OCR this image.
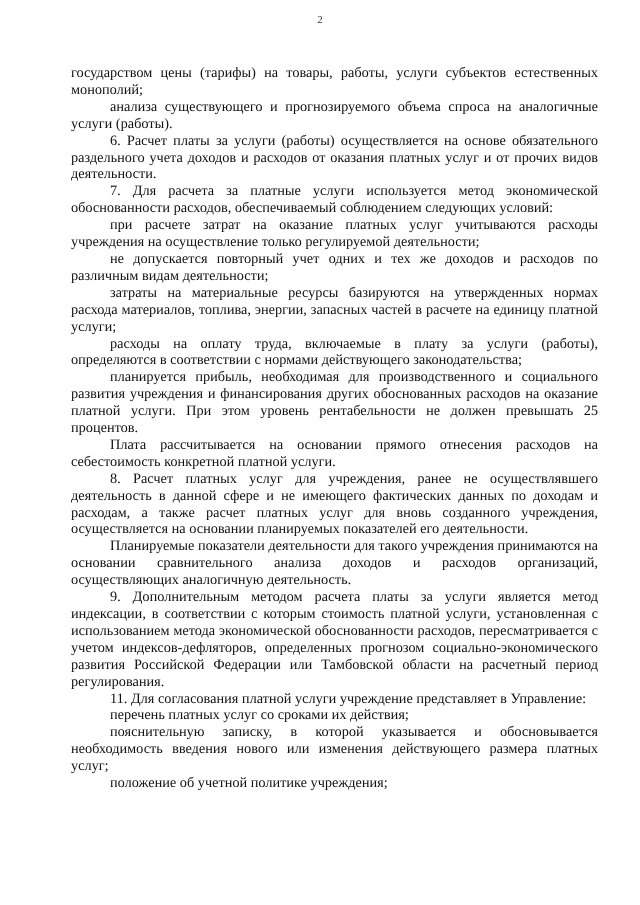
2

государством цены (тарифы) на товары, работы, услуги субъектов естественных монополий;

анализа существующего и прогнозируемого объема спроса на аналогичные услуги (работы).

6. Расчет платы за услуги (работы) осуществляется на основе обязательного раздельного учета доходов и расходов от оказания платных услуг и от прочих видов деятельности.

7. Для расчета за платные услуги используется метод экономической обоснованности расходов, обеспечиваемый соблюдением следующих условий:

при расчете затрат на оказание платных услуг учитываются расходы учреждения на осуществление только регулируемой деятельности;

не допускается повторный учет одних и тех же доходов и расходов по различным видам деятельности;

затраты на материальные ресурсы базируются на утвержденных нормах расхода материалов, топлива, энергии, запасных частей в расчете на единицу платной услуги;

расходы на оплату труда, включаемые в плату за услуги (работы), определяются в соответствии с нормами действующего законодательства;

планируется прибыль, необходимая для производственного и социального развития учреждения и финансирования других обоснованных расходов на оказание платной услуги. При этом уровень рентабельности не должен превышать 25 процентов.

Плата рассчитывается на основании прямого отнесения расходов на себестоимость конкретной платной услуги.

8. Расчет платных услуг для учреждения, ранее не осуществлявшего деятельность в данной сфере и не имеющего фактических данных по доходам и расходам, а также расчет платных услуг для вновь созданного учреждения, осуществляется на основании планируемых показателей его деятельности.

Планируемые показатели деятельности для такого учреждения принимаются на основании сравнительного анализа доходов и расходов организаций, осуществляющих аналогичную деятельность.

9. Дополнительным методом расчета платы за услуги является метод индексации, в соответствии с которым стоимость платной услуги, установленная с использованием метода экономической обоснованности расходов, пересматривается с учетом индексов-дефляторов, определенных прогнозом социально-экономического развития Российской Федерации или Тамбовской области на расчетный период регулирования.

11. Для согласования платной услуги учреждение представляет в Управление:

перечень платных услуг со сроками их действия;

пояснительную записку, в которой указывается и обосновывается необходимость введения нового или изменения действующего размера платных услуг;

положение об учетной политике учреждения;
